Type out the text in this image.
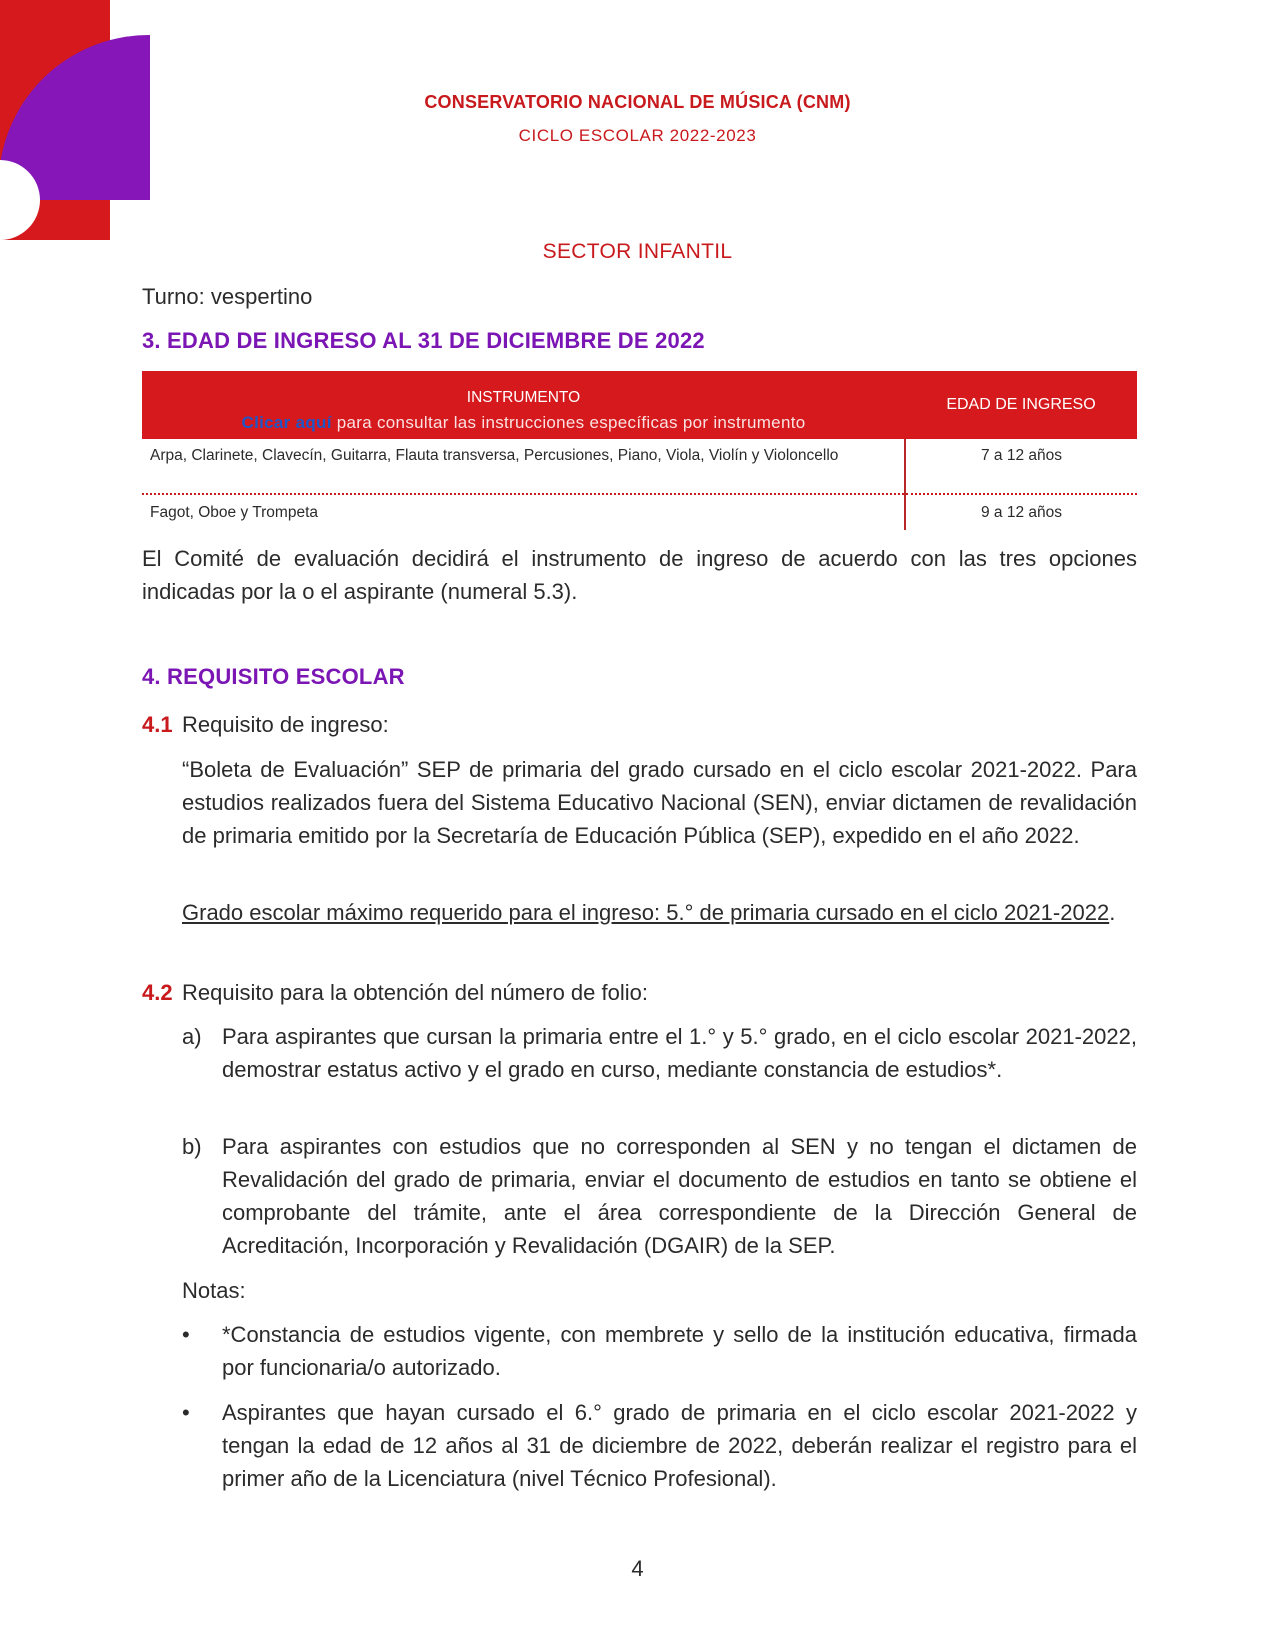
CONSERVATORIO NACIONAL DE MÚSICA (CNM)
CICLO ESCOLAR 2022-2023
SECTOR INFANTIL
Turno: vespertino
3. EDAD DE INGRESO AL 31 DE DICIEMBRE DE 2022
INSTRUMENTO
Clicar aquí para consultar las instrucciones específicas por instrumento	EDAD DE INGRESO
Arpa, Clarinete, Clavecín, Guitarra, Flauta transversa, Percusiones, Piano, Viola, Violín y Violoncello	7 a 12 años
Fagot, Oboe y Trompeta	9 a 12 años
El Comité de evaluación decidirá el instrumento de ingreso de acuerdo con las tres opciones indicadas por la o el aspirante (numeral 5.3).
4. REQUISITO ESCOLAR
4.1 Requisito de ingreso:
“Boleta de Evaluación” SEP de primaria del grado cursado en el ciclo escolar 2021-2022. Para estudios realizados fuera del Sistema Educativo Nacional (SEN), enviar dictamen de revalidación de primaria emitido por la Secretaría de Educación Pública (SEP), expedido en el año 2022.
Grado escolar máximo requerido para el ingreso: 5.° de primaria cursado en el ciclo 2021-2022.
4.2 Requisito para la obtención del número de folio:
a) Para aspirantes que cursan la primaria entre el 1.° y 5.° grado, en el ciclo escolar 2021-2022, demostrar estatus activo y el grado en curso, mediante constancia de estudios*.
b) Para aspirantes con estudios que no corresponden al SEN y no tengan el dictamen de Revalidación del grado de primaria, enviar el documento de estudios en tanto se obtiene el comprobante del trámite, ante el área correspondiente de la Dirección General de Acreditación, Incorporación y Revalidación (DGAIR) de la SEP.
Notas:
•	*Constancia de estudios vigente, con membrete y sello de la institución educativa, firmada por funcionaria/o autorizado.
•	Aspirantes que hayan cursado el 6.° grado de primaria en el ciclo escolar 2021-2022 y tengan la edad de 12 años al 31 de diciembre de 2022, deberán realizar el registro para el primer año de la Licenciatura (nivel Técnico Profesional).
4
